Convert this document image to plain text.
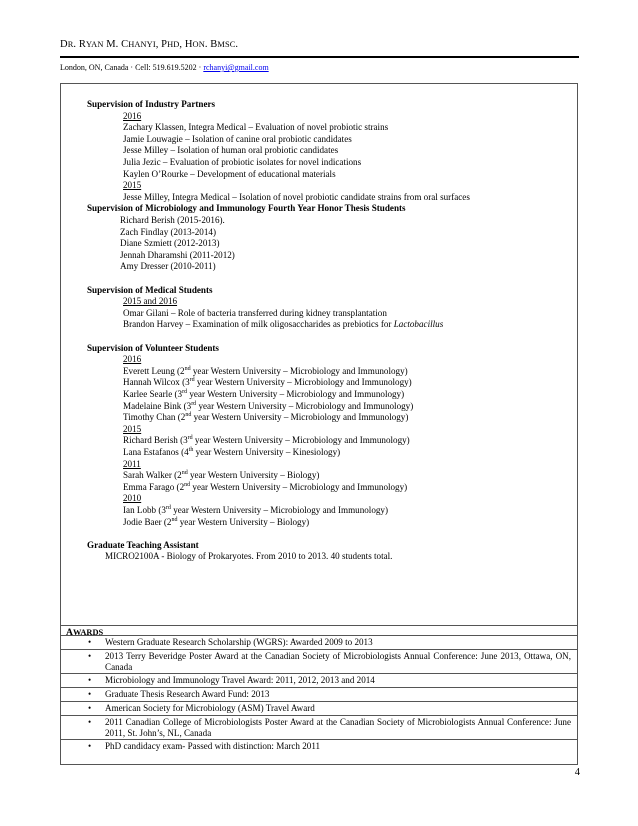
DR. RYAN M. CHANYI, PHD, HON. BMSC.
London, ON, Canada · Cell: 519.619.5202 · rchanyi@gmail.com
AWARDS
Supervision of Industry Partners
2016
Zachary Klassen, Integra Medical – Evaluation of novel probiotic strains
Jamie Louwagie – Isolation of canine oral probiotic candidates
Jesse Milley – Isolation of human oral probiotic candidates
Julia Jezic – Evaluation of probiotic isolates for novel indications
Kaylen O’Rourke – Development of educational materials
2015
Jesse Milley, Integra Medical – Isolation of novel probiotic candidate strains from oral surfaces
Supervision of Microbiology and Immunology Fourth Year Honor Thesis Students
Richard Berish (2015-2016).
Zach Findlay (2013-2014)
Diane Szmiett (2012-2013)
Jennah Dharamshi (2011-2012)
Amy Dresser (2010-2011)
Supervision of Medical Students
2015 and 2016
Omar Gilani – Role of bacteria transferred during kidney transplantation
Brandon Harvey – Examination of milk oligosaccharides as prebiotics for Lactobacillus
Supervision of Volunteer Students
2016
Everett Leung (2nd year Western University – Microbiology and Immunology)
Hannah Wilcox (3rd year Western University – Microbiology and Immunology)
Karlee Searle (3rd year Western University – Microbiology and Immunology)
Madelaine Bink (3rd year Western University – Microbiology and Immunology)
Timothy Chan (2nd year Western University – Microbiology and Immunology)
2015
Richard Berish (3rd year Western University – Microbiology and Immunology)
Lana Estafanos (4th year Western University – Kinesiology)
2011
Sarah Walker (2nd year Western University – Biology)
Emma Farago (2nd year Western University – Microbiology and Immunology)
2010
Ian Lobb (3rd year Western University – Microbiology and Immunology)
Jodie Baer (2nd year Western University – Biology)
Graduate Teaching Assistant
MICRO2100A - Biology of Prokaryotes. From 2010 to 2013. 40 students total.
• Western Graduate Research Scholarship (WGRS): Awarded 2009 to 2013
• 2013 Terry Beveridge Poster Award at the Canadian Society of Microbiologists Annual Conference: June 2013, Ottawa, ON, Canada
• Microbiology and Immunology Travel Award: 2011, 2012, 2013 and 2014
• Graduate Thesis Research Award Fund: 2013
• American Society for Microbiology (ASM) Travel Award
• 2011 Canadian College of Microbiologists Poster Award at the Canadian Society of Microbiologists Annual Conference: June 2011, St. John’s, NL, Canada
• PhD candidacy exam- Passed with distinction: March 2011
4
